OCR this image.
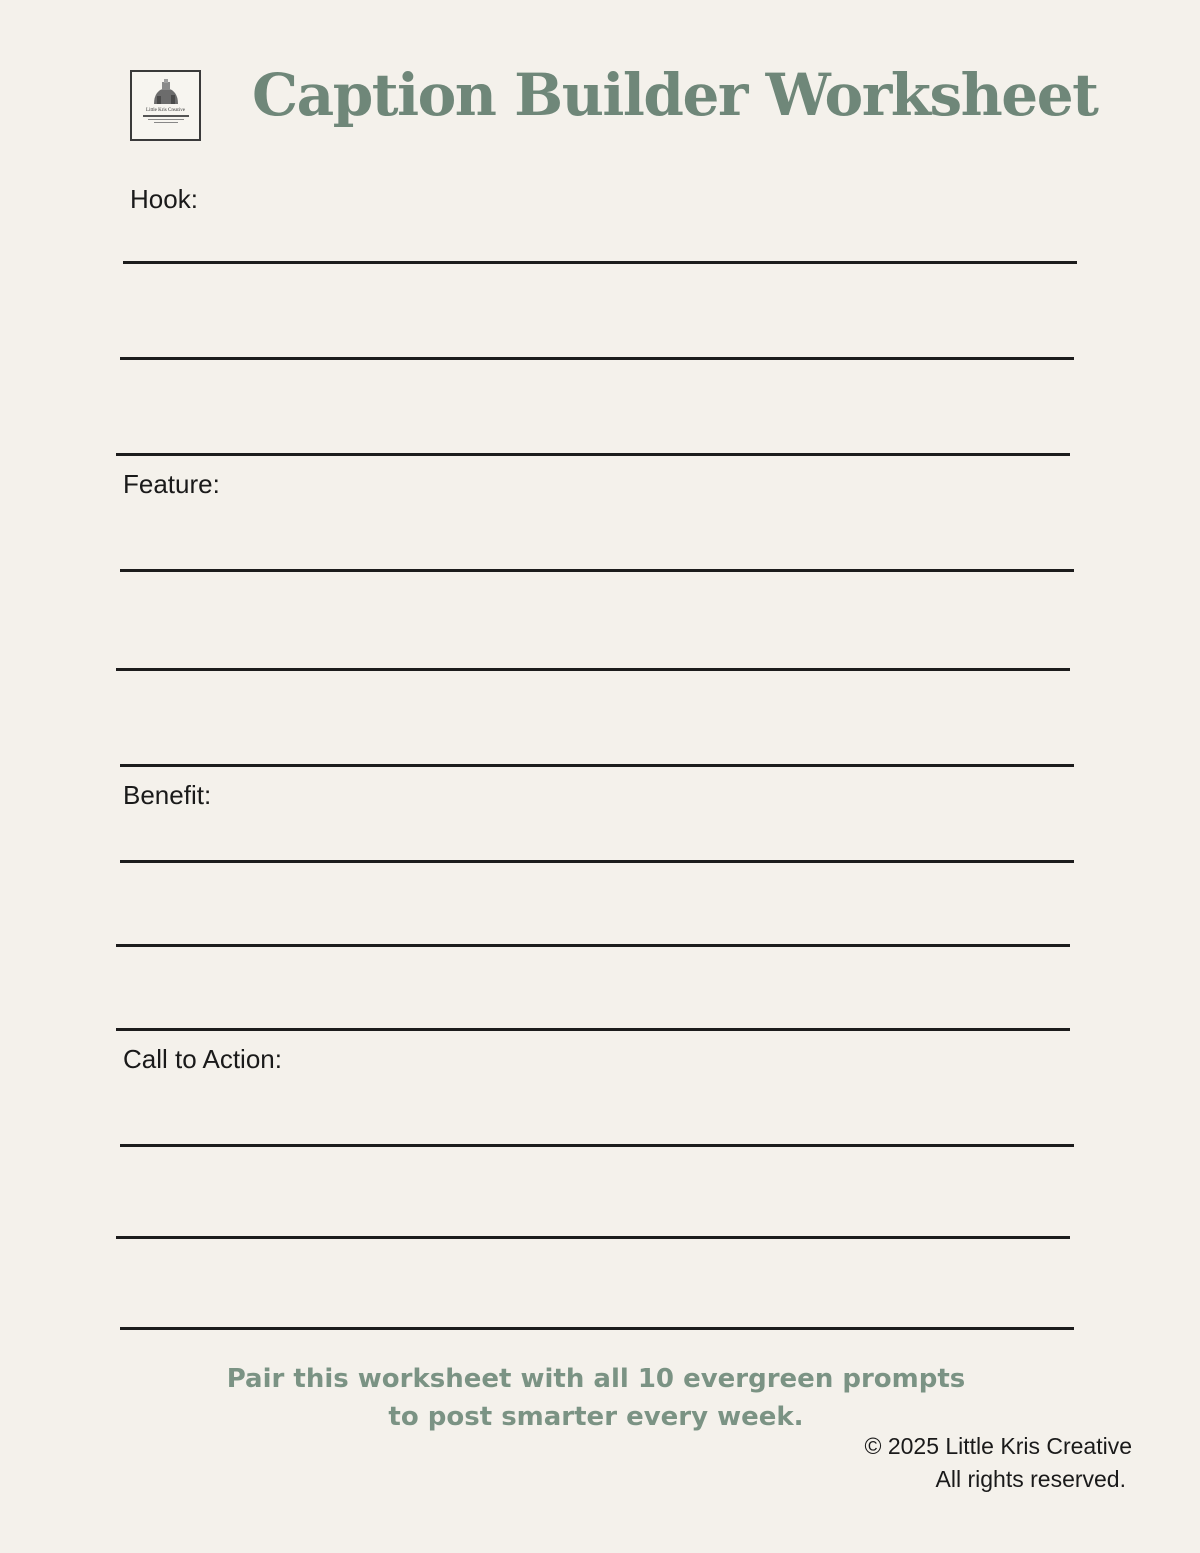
Little Kris Creative Caption Builder Worksheet
Hook:
Feature:
Benefit:
Call to Action:
Pair this worksheet with all 10 evergreen prompts
to post smarter every week.
© 2025 Little Kris Creative
All rights reserved.
